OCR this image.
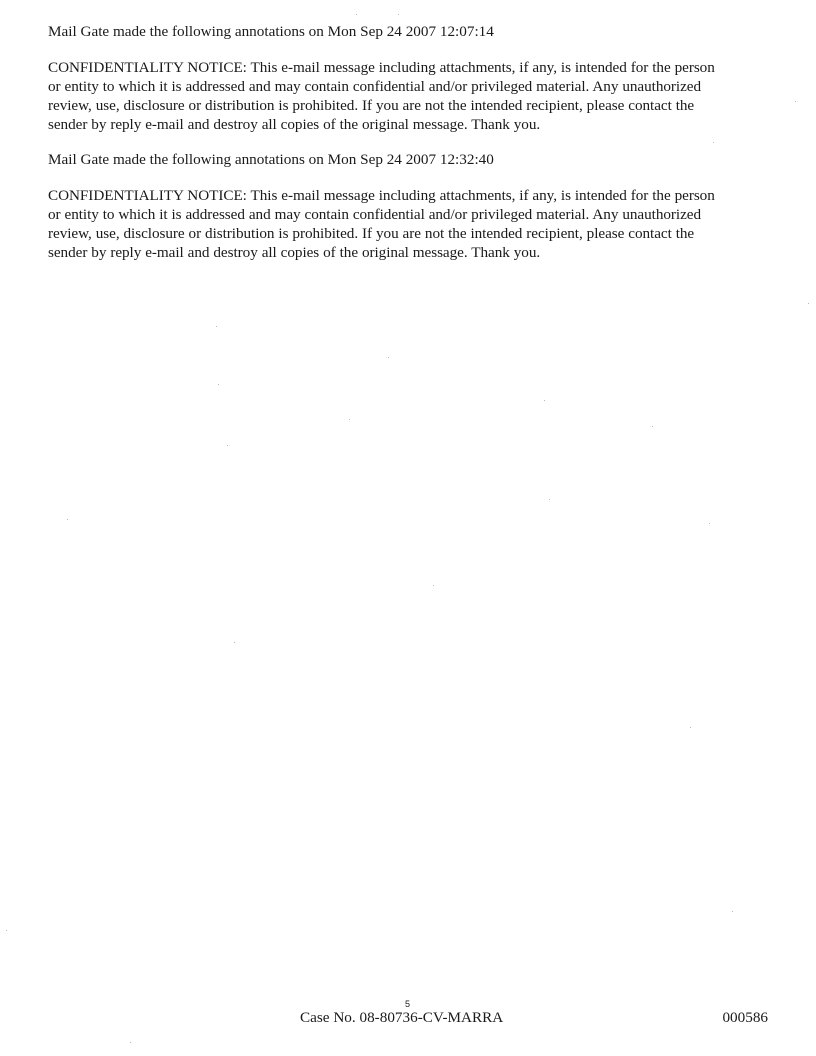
Mail Gate made the following annotations on Mon Sep 24 2007 12:07:14

CONFIDENTIALITY NOTICE: This e-mail message including attachments, if any, is intended for the person
or entity to which it is addressed and may contain confidential and/or privileged material. Any unauthorized
review, use, disclosure or distribution is prohibited. If you are not the intended recipient, please contact the
sender by reply e-mail and destroy all copies of the original message. Thank you.

Mail Gate made the following annotations on Mon Sep 24 2007 12:32:40

CONFIDENTIALITY NOTICE: This e-mail message including attachments, if any, is intended for the person
or entity to which it is addressed and may contain confidential and/or privileged material. Any unauthorized
review, use, disclosure or distribution is prohibited. If you are not the intended recipient, please contact the
sender by reply e-mail and destroy all copies of the original message. Thank you.

5
Case No. 08-80736-CV-MARRA	000586
